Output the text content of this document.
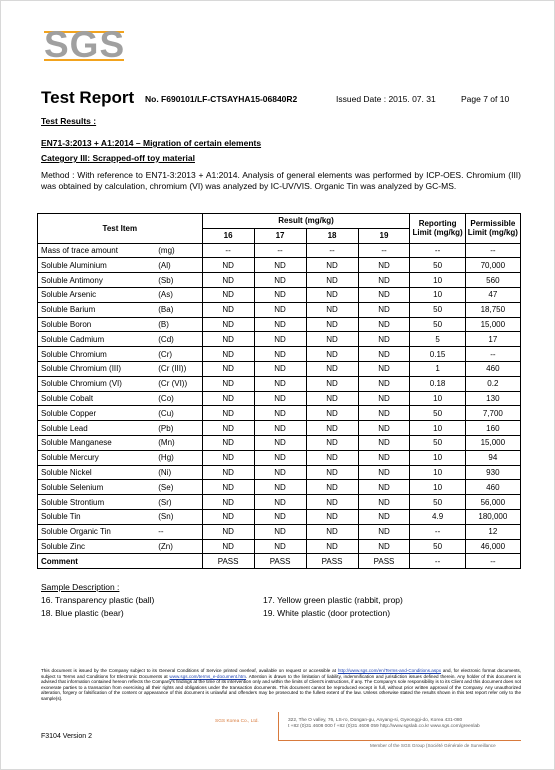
SGS
Test Report No. F690101/LF-CTSAYHA15-06840R2	Issued Date : 2015. 07. 31	Page 7 of 10
Test Results :
EN71-3:2013 + A1:2014 – Migration of certain elements
Category III: Scrapped-off toy material
Method : With reference to EN71-3:2013 + A1:2014. Analysis of general elements was performed by ICP-OES. Chromium (III) was obtained by calculation, chromium (VI) was analyzed by IC-UV/VIS. Organic Tin was analyzed by GC-MS.
Test Item		Result (mg/kg)				Reporting Limit (mg/kg)	Permissible Limit (mg/kg)
		16	17	18	19		
Mass of trace amount	(mg)	--	--	--	--	--	--
Soluble Aluminium	(Al)	ND	ND	ND	ND	50	70,000
Soluble Antimony	(Sb)	ND	ND	ND	ND	10	560
Soluble Arsenic	(As)	ND	ND	ND	ND	10	47
Soluble Barium	(Ba)	ND	ND	ND	ND	50	18,750
Soluble Boron	(B)	ND	ND	ND	ND	50	15,000
Soluble Cadmium	(Cd)	ND	ND	ND	ND	5	17
Soluble Chromium	(Cr)	ND	ND	ND	ND	0.15	--
Soluble Chromium (III)	(Cr (III))	ND	ND	ND	ND	1	460
Soluble Chromium (VI)	(Cr (VI))	ND	ND	ND	ND	0.18	0.2
Soluble Cobalt	(Co)	ND	ND	ND	ND	10	130
Soluble Copper	(Cu)	ND	ND	ND	ND	50	7,700
Soluble Lead	(Pb)	ND	ND	ND	ND	10	160
Soluble Manganese	(Mn)	ND	ND	ND	ND	50	15,000
Soluble Mercury	(Hg)	ND	ND	ND	ND	10	94
Soluble Nickel	(Ni)	ND	ND	ND	ND	10	930
Soluble Selenium	(Se)	ND	ND	ND	ND	10	460
Soluble Strontium	(Sr)	ND	ND	ND	ND	50	56,000
Soluble Tin	(Sn)	ND	ND	ND	ND	4.9	180,000
Soluble Organic Tin	--	ND	ND	ND	ND	--	12
Soluble Zinc	(Zn)	ND	ND	ND	ND	50	46,000
Comment		PASS	PASS	PASS	PASS	--	--
Sample Description :
16. Transparency plastic (ball)	17. Yellow green plastic (rabbit, prop)
18. Blue plastic (bear)	19. White plastic (door protection)
This document is issued by the Company subject to its General Conditions of Service printed overleaf, available on request or accessible at http://www.sgs.com/en/Terms-and-Conditions.aspx and, for electronic format documents, subject to Terms and Conditions for Electronic Documents at www.sgs.com/terms_e-document.htm. Attention is drawn to the limitation of liability, indemnification and jurisdiction issues defined therein. Any holder of this document is advised that information contained hereon reflects the Company's findings at the time of its intervention only and within the limits of Client's instructions, if any. The Company's sole responsibility is to its Client and this document does not exonerate parties to a transaction from exercising all their rights and obligations under the transaction documents. This document cannot be reproduced except in full, without prior written approval of the Company. Any unauthorized alteration, forgery or falsification of the content or appearance of this document is unlawful and offenders may be prosecuted to the fullest extent of the law. Unless otherwise stated the results shown in this test report refer only to the sample(s).
SGS Korea Co., Ltd.	322, The O valley, 76, LS-ro, Dongan-gu, Anyang-si, Gyeonggi-do, Korea 431-080
t +82 (0)31 4608 000 f +82 (0)31 4608 059 http://www.sgslab.co.kr www.sgs.com/greenlab
Member of the SGS Group (Société Générale de Surveillance
F3104 Version 2
